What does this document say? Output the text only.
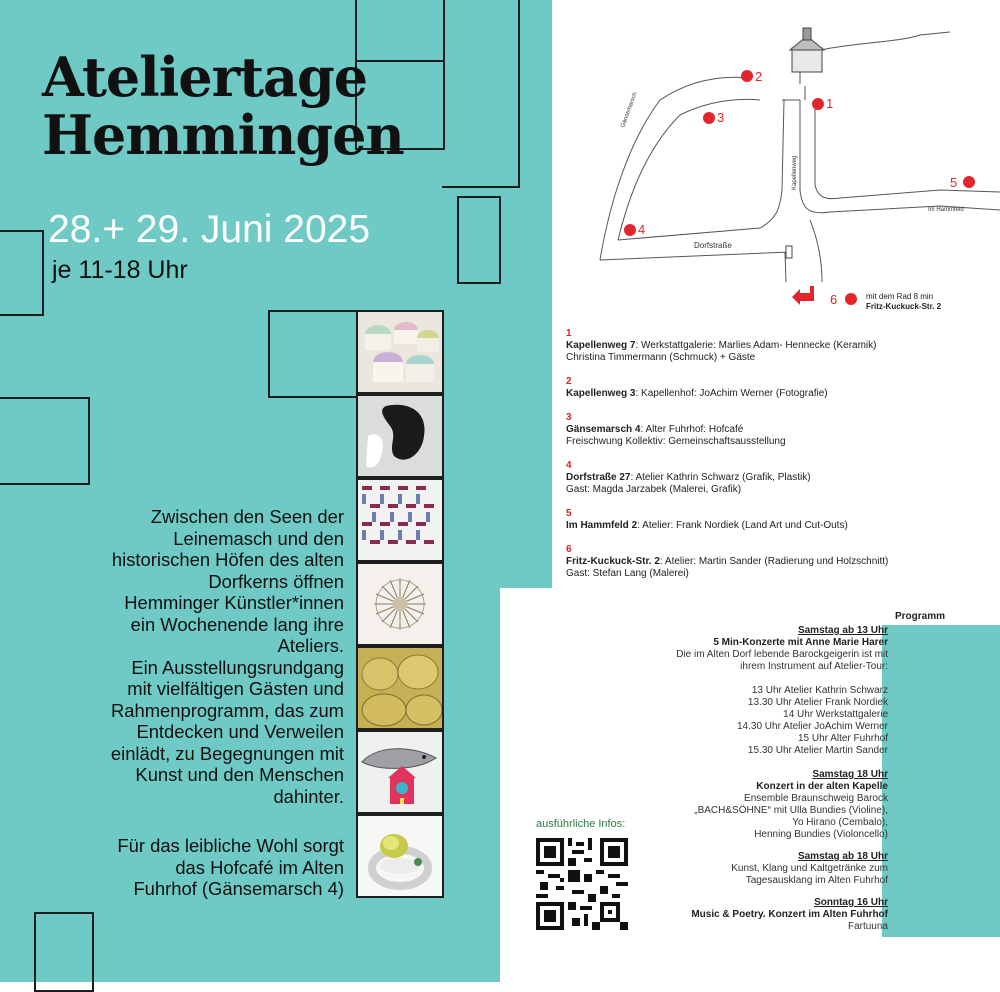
Ateliertage
Hemmingen
28.+ 29. Juni 2025
je 11-18 Uhr
Zwischen den Seen der
Leinemasch und den
historischen Höfen des alten
Dorfkerns öffnen
Hemminger Künstler*innen
ein Wochenende lang ihre
Ateliers.
Ein Ausstellungsrundgang
mit vielfältigen Gästen und
Rahmenprogramm, das zum
Entdecken und Verweilen
einlädt, zu Begegnungen mit
Kunst und den Menschen
dahinter.
Für das leibliche Wohl sorgt
das Hofcafé im Alten
Fuhrhof (Gänsemarsch 4)
Gänsemarsch
Kapellenweg
Dorfstraße
Im Hammfeld
1
2
3
4
5
6	mit dem Rad 8 min
Fritz-Kuckuck-Str. 2
1
Kapellenweg 7: Werkstattgalerie: Marlies Adam- Hennecke (Keramik)
Christina Timmermann (Schmuck) + Gäste
2
Kapellenweg 3: Kapellenhof: JoAchim Werner (Fotografie)
3
Gänsemarsch 4: Alter Fuhrhof: Hofcafé
Freischwung Kollektiv: Gemeinschaftsausstellung
4
Dorfstraße 27: Atelier Kathrin Schwarz (Grafik, Plastik)
Gast: Magda Jarzabek (Malerei, Grafik)
5
Im Hammfeld 2: Atelier: Frank Nordiek (Land Art und Cut-Outs)
6
Fritz-Kuckuck-Str. 2: Atelier: Martin Sander (Radierung und Holzschnitt)
Gast: Stefan Lang (Malerei)
ausführliche Infos:
Programm
Samstag ab 13 Uhr
5 Min-Konzerte mit Anne Marie Harer
Die im Alten Dorf lebende Barockgeigerin ist mit
ihrem Instrument auf Atelier-Tour:
13 Uhr Atelier Kathrin Schwarz
13.30 Uhr Atelier Frank Nordiek
14 Uhr Werkstattgalerie
14.30 Uhr Atelier JoAchim Werner
15 Uhr Alter Fuhrhof
15.30 Uhr Atelier Martin Sander
Samstag 18 Uhr
Konzert in der alten Kapelle
Ensemble Braunschweig Barock
„BACH&SÖHNE“ mit Ulla Bundies (Violine),
Yo Hirano (Cembalo),
Henning Bundies (Violoncello)
Samstag ab 18 Uhr
Kunst, Klang und Kaltgetränke zum
Tagesausklang im Alten Fuhrhof
Sonntag 16 Uhr
Music & Poetry. Konzert im Alten Fuhrhof
Fartuuna
